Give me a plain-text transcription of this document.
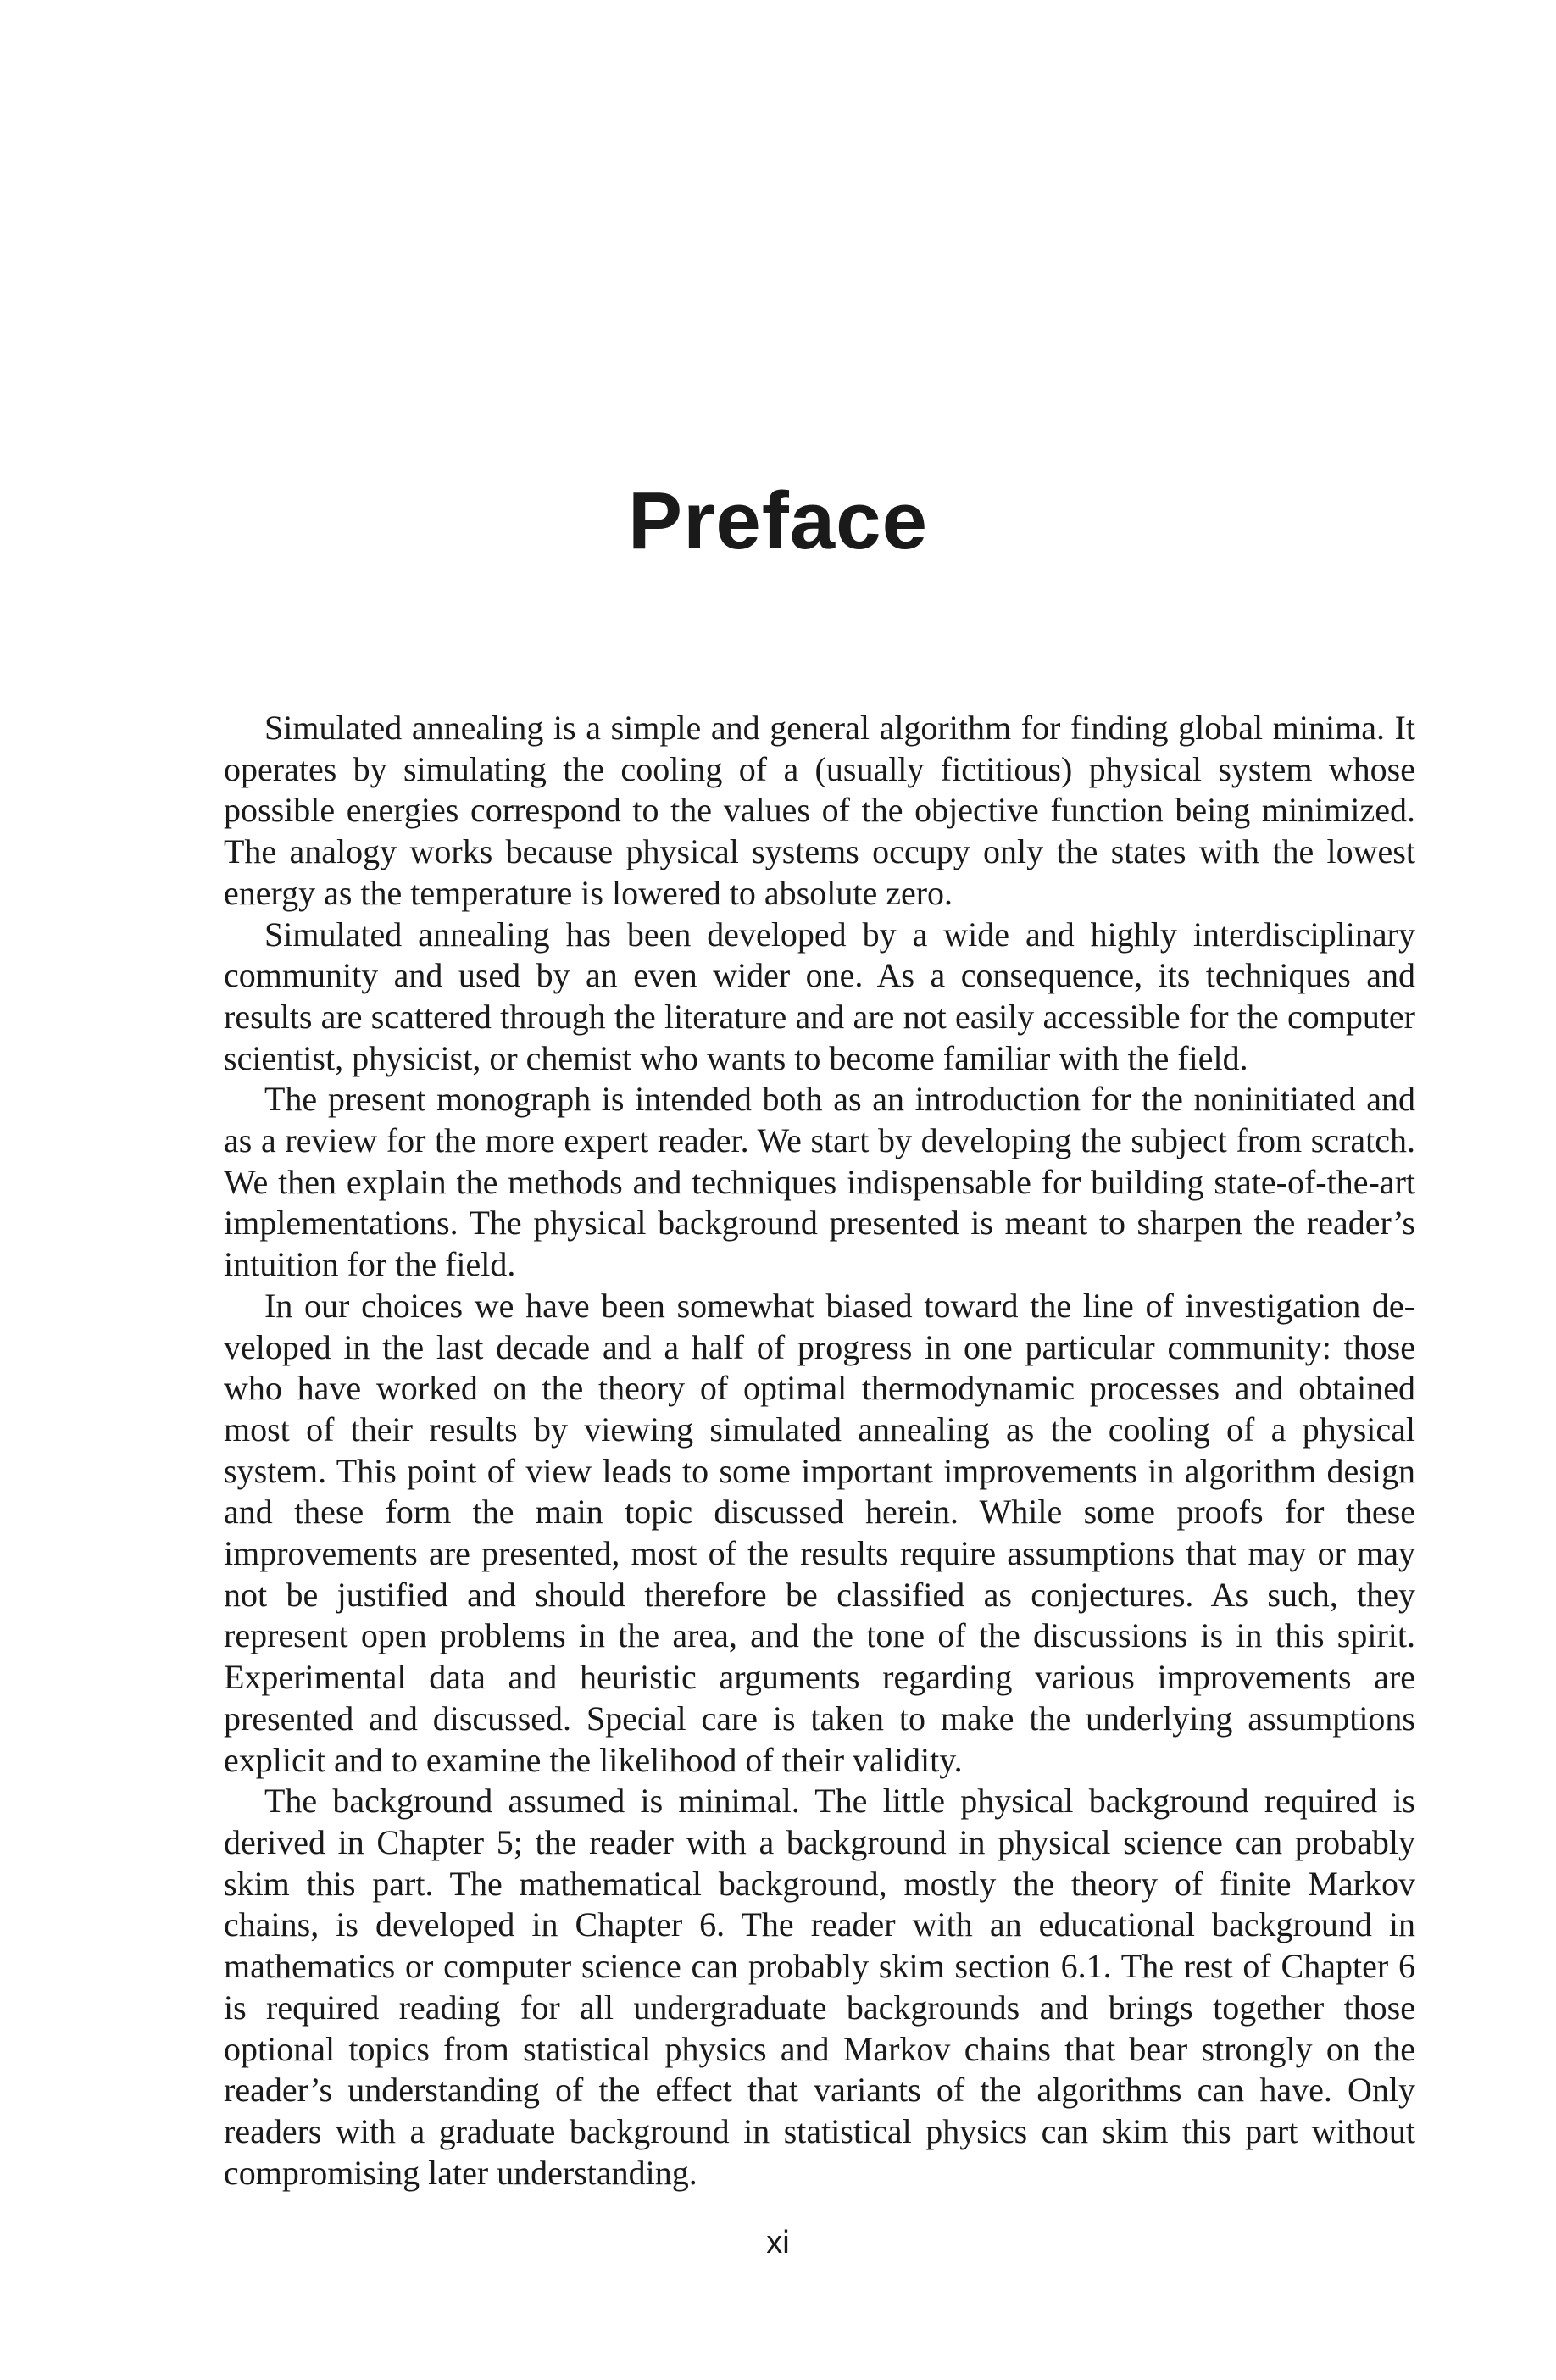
Preface

Simulated annealing is a simple and general algorithm for finding global minima. It operates by simulating the cooling of a (usually fictitious) physical system whose possible energies correspond to the values of the objective function being minimized. The analogy works because physical systems occupy only the states with the lowest energy as the temperature is lowered to absolute zero.

Simulated annealing has been developed by a wide and highly interdisciplinary community and used by an even wider one. As a consequence, its techniques and results are scattered through the literature and are not easily accessible for the computer scientist, physicist, or chemist who wants to become familiar with the field.

The present monograph is intended both as an introduction for the noninitiated and as a review for the more expert reader. We start by developing the subject from scratch. We then explain the methods and techniques indispensable for building state-of-the-art implementations. The physical background presented is meant to sharpen the reader’s intuition for the field.

In our choices we have been somewhat biased toward the line of investigation developed in the last decade and a half of progress in one particular community: those who have worked on the theory of optimal thermodynamic processes and obtained most of their results by viewing simulated annealing as the cooling of a physical system. This point of view leads to some important improvements in algorithm design and these form the main topic discussed herein. While some proofs for these improvements are presented, most of the results require assumptions that may or may not be justified and should therefore be classified as conjectures. As such, they represent open problems in the area, and the tone of the discussions is in this spirit. Experimental data and heuristic arguments regarding various improvements are presented and discussed. Special care is taken to make the underlying assumptions explicit and to examine the likelihood of their validity.

The background assumed is minimal. The little physical background required is derived in Chapter 5; the reader with a background in physical science can probably skim this part. The mathematical background, mostly the theory of finite Markov chains, is developed in Chapter 6. The reader with an educational background in mathematics or computer science can probably skim section 6.1. The rest of Chapter 6 is required reading for all undergraduate backgrounds and brings together those optional topics from statistical physics and Markov chains that bear strongly on the reader’s understanding of the effect that variants of the algorithms can have. Only readers with a graduate background in statistical physics can skim this part without compromising later understanding.

xi
